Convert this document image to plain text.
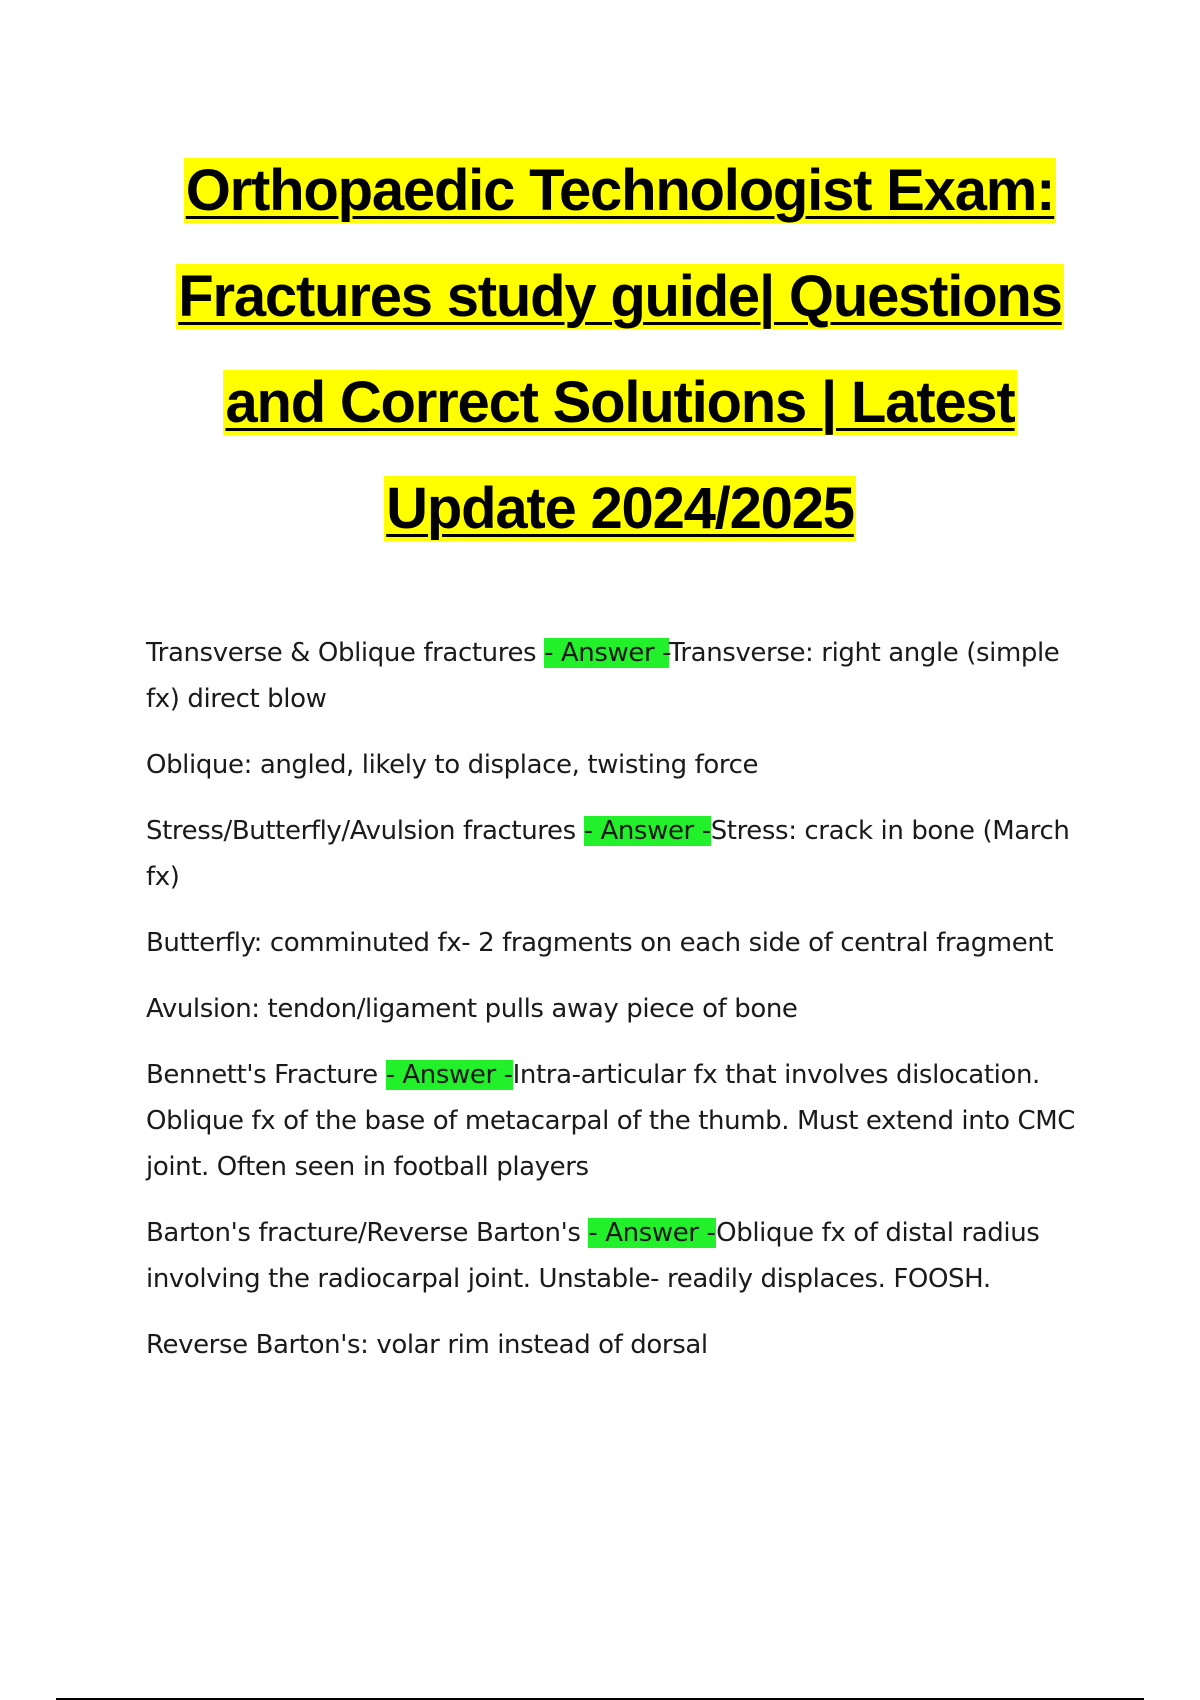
Orthopaedic Technologist Exam:
Fractures study guide| Questions
and Correct Solutions | Latest
Update 2024/2025

Transverse & Oblique fractures - Answer -Transverse: right angle (simple fx) direct blow

Oblique: angled, likely to displace, twisting force

Stress/Butterfly/Avulsion fractures - Answer -Stress: crack in bone (March fx)

Butterfly: comminuted fx- 2 fragments on each side of central fragment

Avulsion: tendon/ligament pulls away piece of bone

Bennett's Fracture - Answer -Intra-articular fx that involves dislocation. Oblique fx of the base of metacarpal of the thumb. Must extend into CMC joint. Often seen in football players

Barton's fracture/Reverse Barton's - Answer -Oblique fx of distal radius involving the radiocarpal joint. Unstable- readily displaces. FOOSH.

Reverse Barton's: volar rim instead of dorsal
